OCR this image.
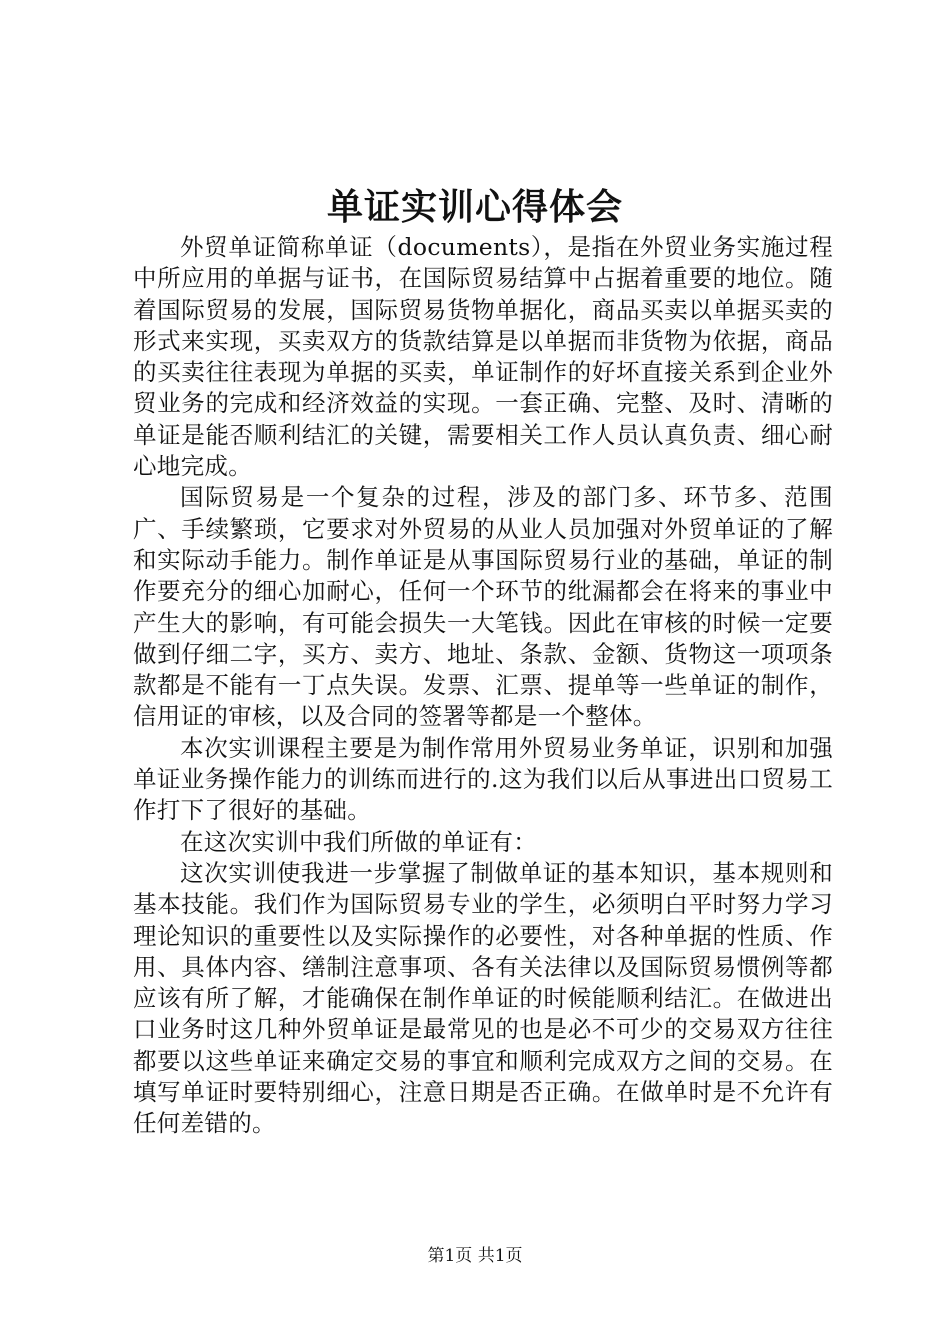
单证实训心得体会

外贸单证简称单证（documents），是指在外贸业务实施过程中所应用的单据与证书，在国际贸易结算中占据着重要的地位。随着国际贸易的发展，国际贸易货物单据化，商品买卖以单据买卖的形式来实现，买卖双方的货款结算是以单据而非货物为依据，商品的买卖往往表现为单据的买卖，单证制作的好坏直接关系到企业外贸业务的完成和经济效益的实现。一套正确、完整、及时、清晰的单证是能否顺利结汇的关键，需要相关工作人员认真负责、细心耐心地完成。

国际贸易是一个复杂的过程，涉及的部门多、环节多、范围广、手续繁琐，它要求对外贸易的从业人员加强对外贸单证的了解和实际动手能力。制作单证是从事国际贸易行业的基础，单证的制作要充分的细心加耐心，任何一个环节的纰漏都会在将来的事业中产生大的影响，有可能会损失一大笔钱。因此在审核的时候一定要做到仔细二字，买方、卖方、地址、条款、金额、货物这一项项条款都是不能有一丁点失误。发票、汇票、提单等一些单证的制作，信用证的审核，以及合同的签署等都是一个整体。

本次实训课程主要是为制作常用外贸易业务单证，识别和加强单证业务操作能力的训练而进行的.这为我们以后从事进出口贸易工作打下了很好的基础。

在这次实训中我们所做的单证有：

这次实训使我进一步掌握了制做单证的基本知识，基本规则和基本技能。我们作为国际贸易专业的学生，必须明白平时努力学习理论知识的重要性以及实际操作的必要性，对各种单据的性质、作用、具体内容、缮制注意事项、各有关法律以及国际贸易惯例等都应该有所了解，才能确保在制作单证的时候能顺利结汇。在做进出口业务时这几种外贸单证是最常见的也是必不可少的交易双方往往都要以这些单证来确定交易的事宜和顺利完成双方之间的交易。在填写单证时要特别细心，注意日期是否正确。在做单时是不允许有任何差错的。

第1页 共1页
